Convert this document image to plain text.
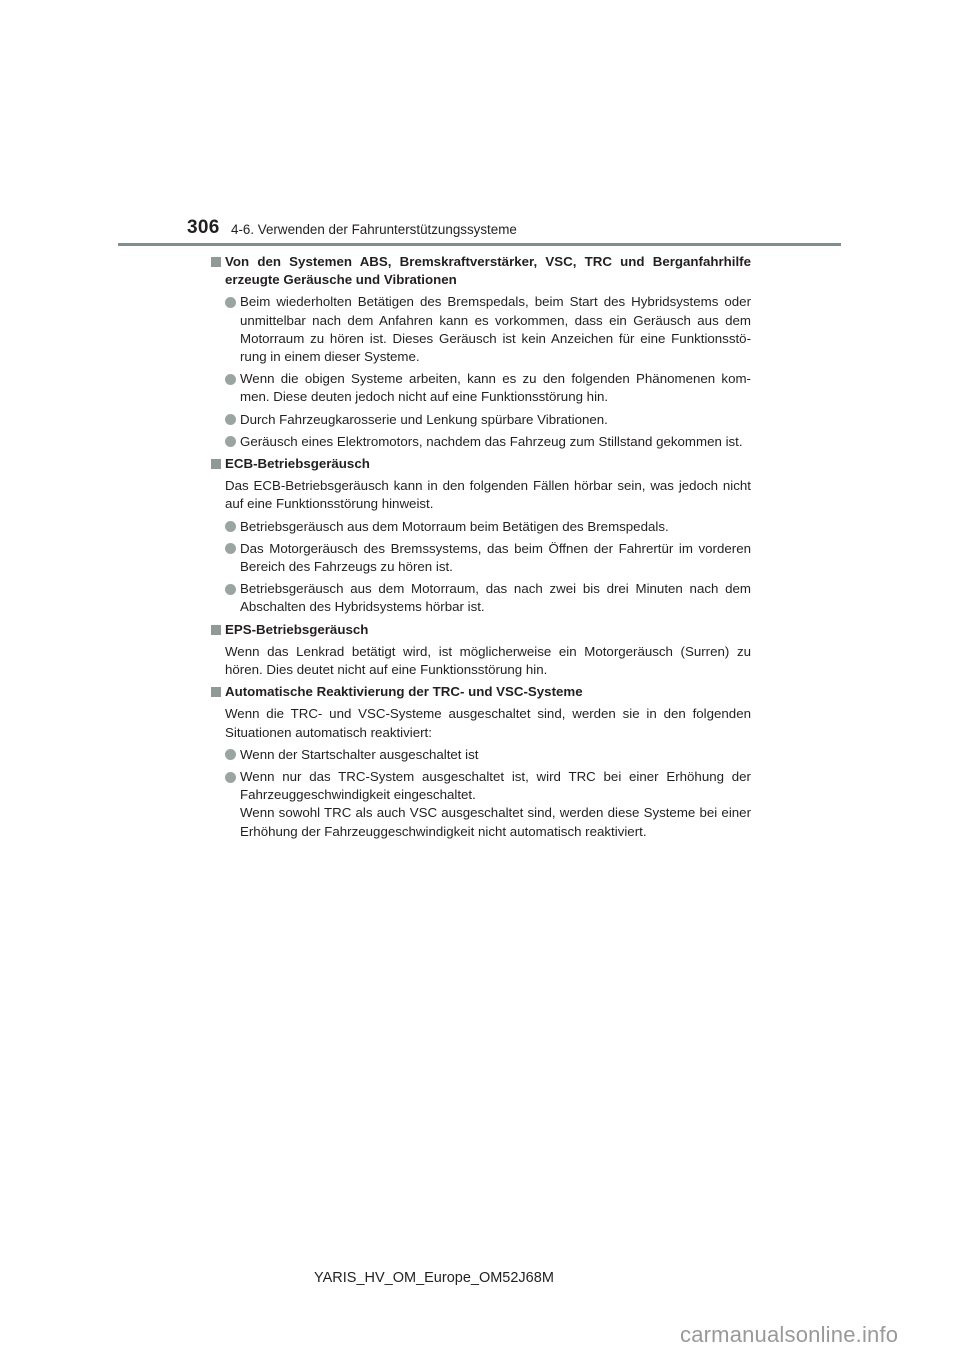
306 4-6. Verwenden der Fahrunterstützungssysteme
Von den Systemen ABS, Bremskraftverstärker, VSC, TRC und Berganfahrhilfe erzeugte Geräusche und Vibrationen
Beim wiederholten Betätigen des Bremspedals, beim Start des Hybridsystems oder unmittelbar nach dem Anfahren kann es vorkommen, dass ein Geräusch aus dem Motorraum zu hören ist. Dieses Geräusch ist kein Anzeichen für eine Funktionsstö- rung in einem dieser Systeme.
Wenn die obigen Systeme arbeiten, kann es zu den folgenden Phänomenen kom- men. Diese deuten jedoch nicht auf eine Funktionsstörung hin.
Durch Fahrzeugkarosserie und Lenkung spürbare Vibrationen.
Geräusch eines Elektromotors, nachdem das Fahrzeug zum Stillstand gekommen ist.
ECB-Betriebsgeräusch
Das ECB-Betriebsgeräusch kann in den folgenden Fällen hörbar sein, was jedoch nicht auf eine Funktionsstörung hinweist.
Betriebsgeräusch aus dem Motorraum beim Betätigen des Bremspedals.
Das Motorgeräusch des Bremssystems, das beim Öffnen der Fahrertür im vorderen Bereich des Fahrzeugs zu hören ist.
Betriebsgeräusch aus dem Motorraum, das nach zwei bis drei Minuten nach dem Abschalten des Hybridsystems hörbar ist.
EPS-Betriebsgeräusch
Wenn das Lenkrad betätigt wird, ist möglicherweise ein Motorgeräusch (Surren) zu hören. Dies deutet nicht auf eine Funktionsstörung hin.
Automatische Reaktivierung der TRC- und VSC-Systeme
Wenn die TRC- und VSC-Systeme ausgeschaltet sind, werden sie in den folgenden Situationen automatisch reaktiviert:
Wenn der Startschalter ausgeschaltet ist
Wenn nur das TRC-System ausgeschaltet ist, wird TRC bei einer Erhöhung der Fahrzeuggeschwindigkeit eingeschaltet.
Wenn sowohl TRC als auch VSC ausgeschaltet sind, werden diese Systeme bei einer Erhöhung der Fahrzeuggeschwindigkeit nicht automatisch reaktiviert.
YARIS_HV_OM_Europe_OM52J68M
carmanualsonline.info
